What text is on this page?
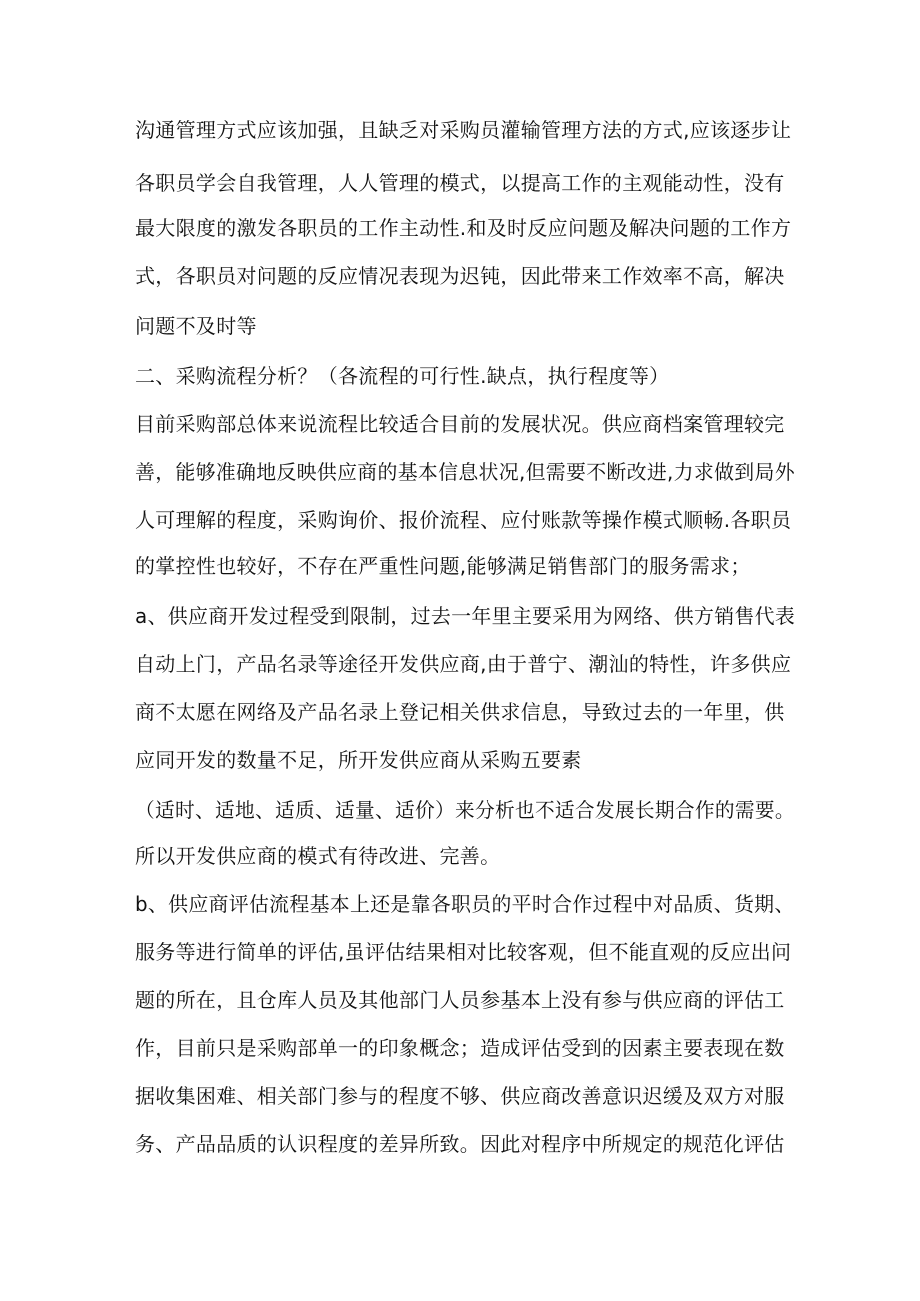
沟通管理方式应该加强，且缺乏对采购员灌输管理方法的方式,应该逐步让
各职员学会自我管理，人人管理的模式，以提高工作的主观能动性，没有
最大限度的激发各职员的工作主动性.和及时反应问题及解决问题的工作方
式，各职员对问题的反应情况表现为迟钝，因此带来工作效率不高，解决
问题不及时等
二、采购流程分析？（各流程的可行性.缺点，执行程度等）
目前采购部总体来说流程比较适合目前的发展状况。供应商档案管理较完
善，能够准确地反映供应商的基本信息状况,但需要不断改进,力求做到局外
人可理解的程度，采购询价、报价流程、应付账款等操作模式顺畅.各职员
的掌控性也较好，不存在严重性问题,能够满足销售部门的服务需求；
a、供应商开发过程受到限制，过去一年里主要采用为网络、供方销售代表
自动上门，产品名录等途径开发供应商,由于普宁、潮汕的特性，许多供应
商不太愿在网络及产品名录上登记相关供求信息，导致过去的一年里，供
应同开发的数量不足，所开发供应商从采购五要素
（适时、适地、适质、适量、适价）来分析也不适合发展长期合作的需要。
所以开发供应商的模式有待改进、完善。
b、供应商评估流程基本上还是靠各职员的平时合作过程中对品质、货期、
服务等进行简单的评估,虽评估结果相对比较客观，但不能直观的反应出问
题的所在，且仓库人员及其他部门人员参基本上没有参与供应商的评估工
作，目前只是采购部单一的印象概念；造成评估受到的因素主要表现在数
据收集困难、相关部门参与的程度不够、供应商改善意识迟缓及双方对服
务、产品品质的认识程度的差异所致。因此对程序中所规定的规范化评估
